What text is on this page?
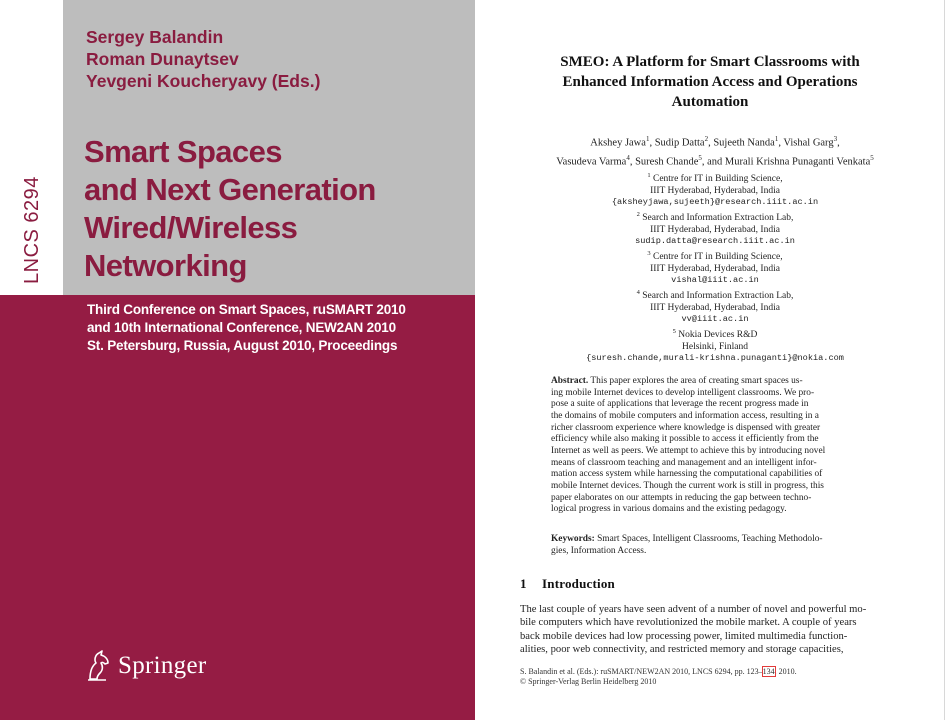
Sergey Balandin
Roman Dunaytsev
Yevgeni Koucheryavy (Eds.)
LNCS 6294
Smart Spaces
and Next Generation
Wired/Wireless
Networking
Third Conference on Smart Spaces, ruSMART 2010
and 10th International Conference, NEW2AN 2010
St. Petersburg, Russia, August 2010, Proceedings
Springer
SMEO: A Platform for Smart Classrooms with
Enhanced Information Access and Operations
Automation
Akshey Jawa$^1$, Sudip Datta$^2$, Sujeeth Nanda$^1$, Vishal Garg$^3$,
Vasudeva Varma$^4$, Suresh Chande$^5$, and Murali Krishna Punaganti Venkata$^5$
$^1$ Centre for IT in Building Science,
IIIT Hyderabad, Hyderabad, India
{aksheyjawa,sujeeth}@research.iiit.ac.in
$^2$ Search and Information Extraction Lab,
IIIT Hyderabad, Hyderabad, India
sudip.datta@research.iiit.ac.in
$^3$ Centre for IT in Building Science,
IIIT Hyderabad, Hyderabad, India
vishal@iiit.ac.in
$^4$ Search and Information Extraction Lab,
IIIT Hyderabad, Hyderabad, India
vv@iiit.ac.in
$^5$ Nokia Devices R&D
Helsinki, Finland
{suresh.chande,murali-krishna.punaganti}@nokia.com
Abstract. This paper explores the area of creating smart spaces us-
ing mobile Internet devices to develop intelligent classrooms. We pro-
pose a suite of applications that leverage the recent progress made in
the domains of mobile computers and information access, resulting in a
richer classroom experience where knowledge is dispensed with greater
efficiency while also making it possible to access it efficiently from the
Internet as well as peers. We attempt to achieve this by introducing novel
means of classroom teaching and management and an intelligent infor-
mation access system while harnessing the computational capabilities of
mobile Internet devices. Though the current work is still in progress, this
paper elaborates on our attempts in reducing the gap between techno-
logical progress in various domains and the existing pedagogy.
Keywords: Smart Spaces, Intelligent Classrooms, Teaching Methodolo-
gies, Information Access.
1 Introduction
The last couple of years have seen advent of a number of novel and powerful mo-
bile computers which have revolutionized the mobile market. A couple of years
back mobile devices had low processing power, limited multimedia function-
alities, poor web connectivity, and restricted memory and storage capacities,
S. Balandin et al. (Eds.): ruSMART/NEW2AN 2010, LNCS 6294, pp. 123–134, 2010.
© Springer-Verlag Berlin Heidelberg 2010
